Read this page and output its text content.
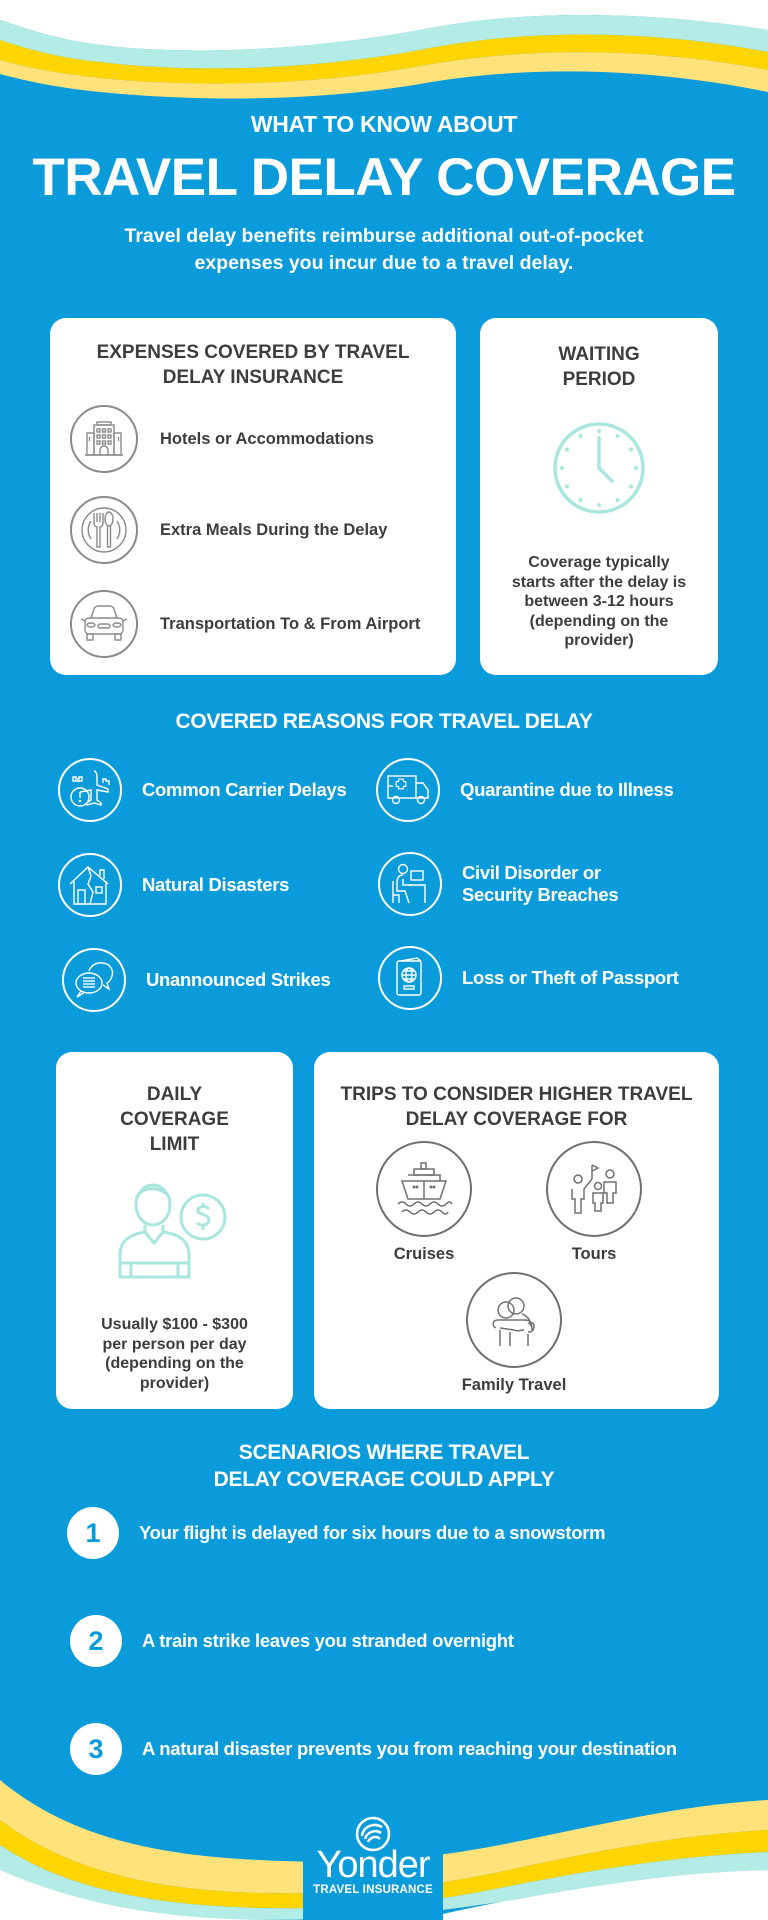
WHAT TO KNOW ABOUT
TRAVEL DELAY COVERAGE
Travel delay benefits reimburse additional out-of-pocket
expenses you incur due to a travel delay.
EXPENSES COVERED BY TRAVEL
DELAY INSURANCE
Hotels or Accommodations
Extra Meals During the Delay
Transportation To & From Airport
WAITING
PERIOD
Coverage typically
starts after the delay is
between 3-12 hours
(depending on the
provider)
COVERED REASONS FOR TRAVEL DELAY
Common Carrier Delays	Quarantine due to Illness
Natural Disasters
Civil Disorder or
Security Breaches
Unannounced Strikes	Loss or Theft of Passport
DAILY
COVERAGE
LIMIT
Usually $100 - $300
per person per day
(depending on the
provider)
TRIPS TO CONSIDER HIGHER TRAVEL
DELAY COVERAGE FOR
Cruises	Tours
Family Travel
SCENARIOS WHERE TRAVEL
DELAY COVERAGE COULD APPLY
1	Your flight is delayed for six hours due to a snowstorm
2	A train strike leaves you stranded overnight
3	A natural disaster prevents you from reaching your destination
Yonder
TRAVEL INSURANCE
